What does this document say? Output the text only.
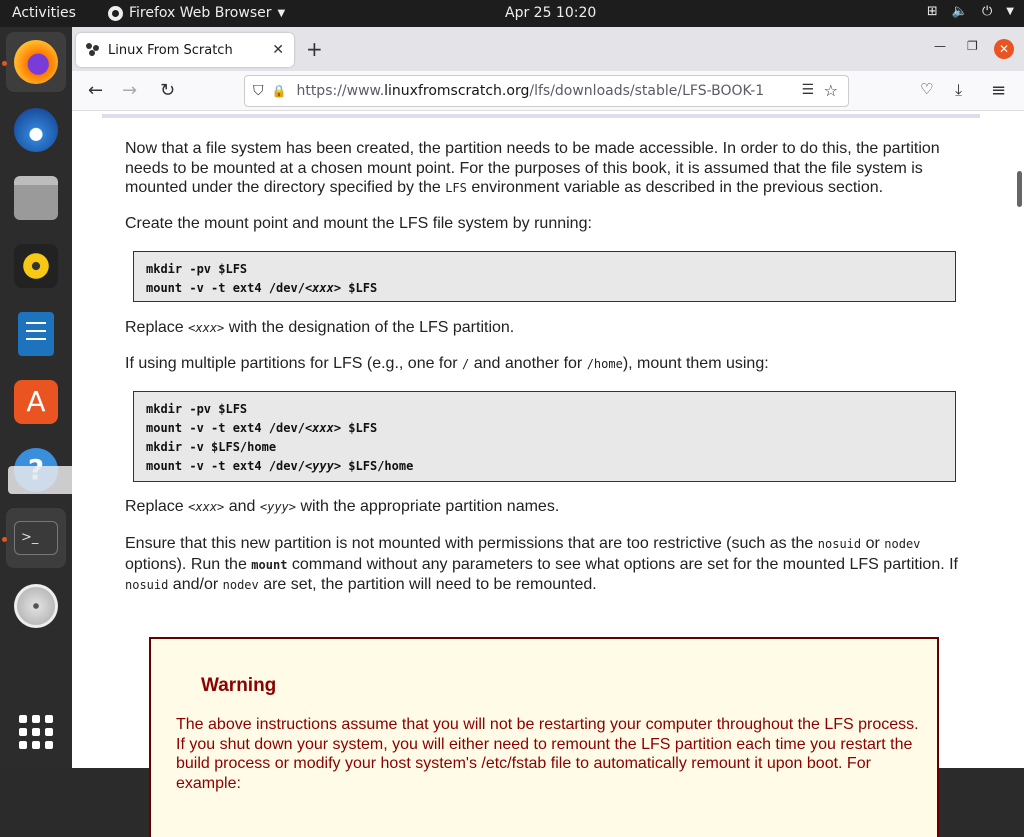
Activities	Firefox Web Browser ▼	Apr 25 10:20	⊞ 🔈 ⏻ ▼
A
>_
Linux From Scratch	✕ +	— ❐	✕
← → ↻	⛉ 🔒 https://www. linuxfromscratch.org /lfs/downloads/stable/LFS-BOOK-1	☰ ☆	♡ ⤓ ≡

Now that a file system has been created, the partition needs to be made accessible. In order to do this, the partition needs to be mounted at a chosen mount point. For the purposes of this book, it is assumed that the file system is mounted under the directory specified by the LFS environment variable as described in the previous section.

Create the mount point and mount the LFS file system by running:

mkdir -pv $LFS
mount -v -t ext4 /dev/<xxx> $LFS

Replace <xxx> with the designation of the LFS partition.

If using multiple partitions for LFS (e.g., one for / and another for /home), mount them using:

mkdir -pv $LFS
mount -v -t ext4 /dev/<xxx> $LFS
mkdir -v $LFS/home
mount -v -t ext4 /dev/<yyy> $LFS/home

Replace <xxx> and <yyy> with the appropriate partition names.

Ensure that this new partition is not mounted with permissions that are too restrictive (such as the nosuid or nodev options). Run the mount command without any parameters to see what options are set for the mounted LFS partition. If nosuid and/or nodev are set, the partition will need to be remounted.

Warning
The above instructions assume that you will not be restarting your computer throughout the LFS process. If you shut down your system, you will either need to remount the LFS partition each time you restart the build process or modify your host system's /etc/fstab file to automatically remount it upon boot. For example:
